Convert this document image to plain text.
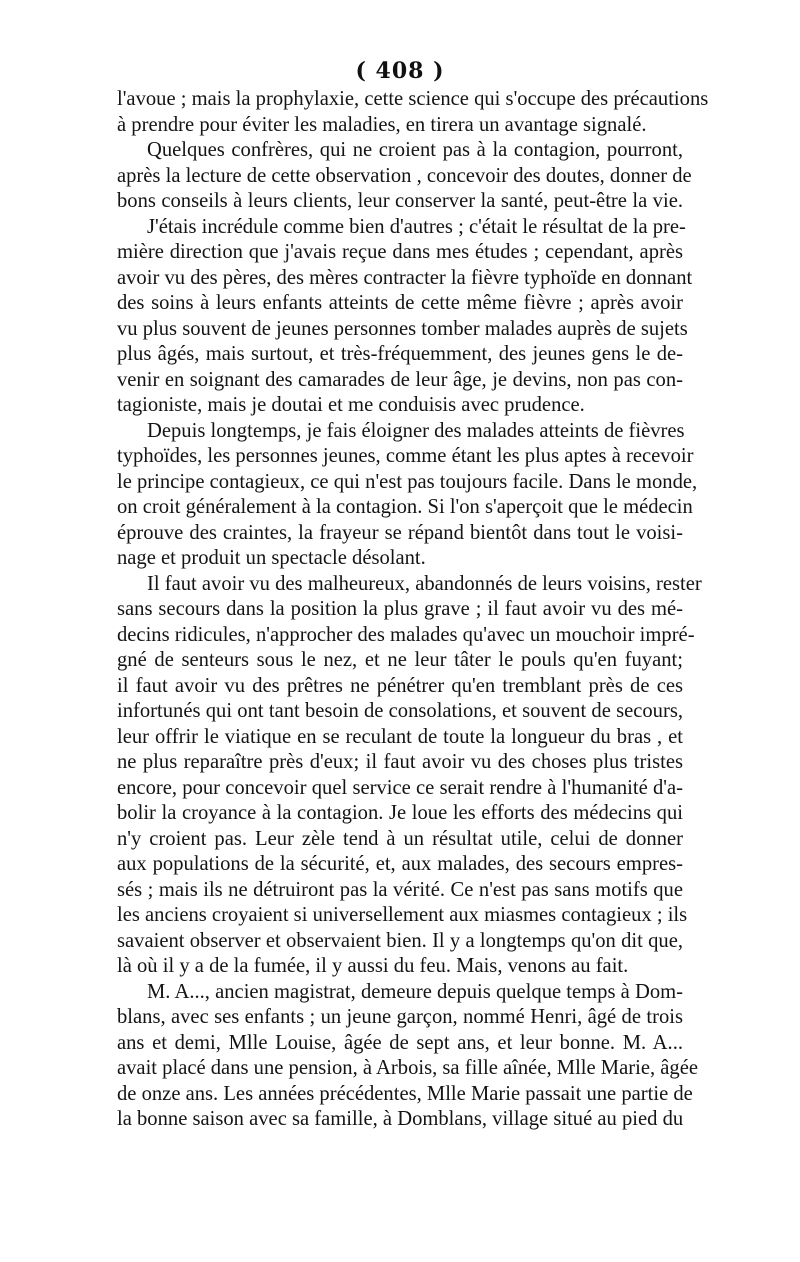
( 408 )
l'avoue ; mais la prophylaxie, cette science qui s'occupe des précautions
à prendre pour éviter les maladies, en tirera un avantage signalé.
Quelques confrères, qui ne croient pas à la contagion, pourront,
après la lecture de cette observation , concevoir des doutes, donner de
bons conseils à leurs clients, leur conserver la santé, peut-être la vie.
J'étais incrédule comme bien d'autres ; c'était le résultat de la pre-
mière direction que j'avais reçue dans mes études ; cependant, après
avoir vu des pères, des mères contracter la fièvre typhoïde en donnant
des soins à leurs enfants atteints de cette même fièvre ; après avoir
vu plus souvent de jeunes personnes tomber malades auprès de sujets
plus âgés, mais surtout, et très-fréquemment, des jeunes gens le de-
venir en soignant des camarades de leur âge, je devins, non pas con-
tagioniste, mais je doutai et me conduisis avec prudence.
Depuis longtemps, je fais éloigner des malades atteints de fièvres
typhoïdes, les personnes jeunes, comme étant les plus aptes à recevoir
le principe contagieux, ce qui n'est pas toujours facile. Dans le monde,
on croit généralement à la contagion. Si l'on s'aperçoit que le médecin
éprouve des craintes, la frayeur se répand bientôt dans tout le voisi-
nage et produit un spectacle désolant.
Il faut avoir vu des malheureux, abandonnés de leurs voisins, rester
sans secours dans la position la plus grave ; il faut avoir vu des mé-
decins ridicules, n'approcher des malades qu'avec un mouchoir impré-
gné de senteurs sous le nez, et ne leur tâter le pouls qu'en fuyant;
il faut avoir vu des prêtres ne pénétrer qu'en tremblant près de ces
infortunés qui ont tant besoin de consolations, et souvent de secours,
leur offrir le viatique en se reculant de toute la longueur du bras , et
ne plus reparaître près d'eux; il faut avoir vu des choses plus tristes
encore, pour concevoir quel service ce serait rendre à l'humanité d'a-
bolir la croyance à la contagion. Je loue les efforts des médecins qui
n'y croient pas. Leur zèle tend à un résultat utile, celui de donner
aux populations de la sécurité, et, aux malades, des secours empres-
sés ; mais ils ne détruiront pas la vérité. Ce n'est pas sans motifs que
les anciens croyaient si universellement aux miasmes contagieux ; ils
savaient observer et observaient bien. Il y a longtemps qu'on dit que,
là où il y a de la fumée, il y aussi du feu. Mais, venons au fait.
M. A..., ancien magistrat, demeure depuis quelque temps à Dom-
blans, avec ses enfants ; un jeune garçon, nommé Henri, âgé de trois
ans et demi, Mlle Louise, âgée de sept ans, et leur bonne. M. A...
avait placé dans une pension, à Arbois, sa fille aînée, Mlle Marie, âgée
de onze ans. Les années précédentes, Mlle Marie passait une partie de
la bonne saison avec sa famille, à Domblans, village situé au pied du
